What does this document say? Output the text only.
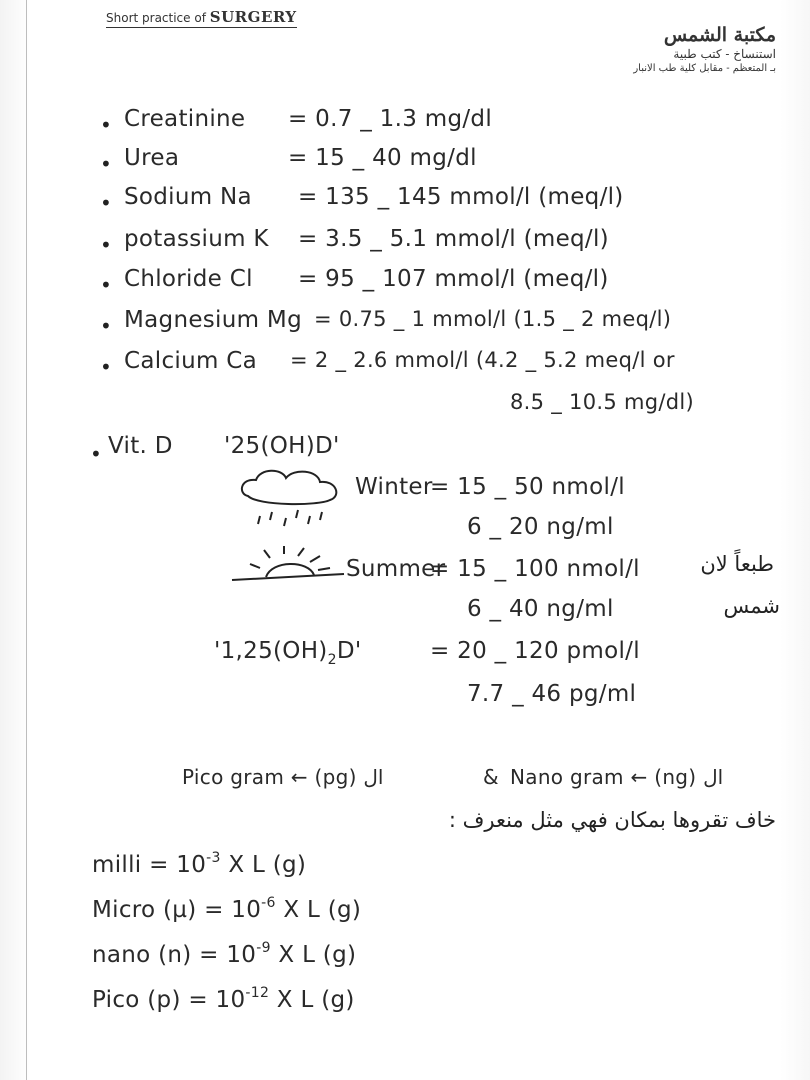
Short practice of SURGERY
مكتبة الشمس
استنساخ - كتب طبية
بـ المتعظم - مقابل كلية طب الانبار
• Creatinine = 0.7 _ 1.3 mg/dl
• Urea	= 15 _ 40 mg/dl
• Sodium Na = 135 _ 145 mmol/l (meq/l)
• potassium K = 3.5 _ 5.1 mmol/l (meq/l)
• Chloride Cl = 95 _ 107 mmol/l (meq/l)
• Magnesium Mg = 0.75 _ 1 mmol/l (1.5 _ 2 meq/l)
• Calcium Ca = 2 _ 2.6 mmol/l (4.2 _ 5.2 meq/l or
8.5 _ 10.5 mg/dl)
• Vit. D '25(OH)D'
Winter
= 15 _ 50 nmol/l
6 _ 20 ng/ml
Summer
= 15 _ 100 nmol/l
6 _ 40 ng/ml
طبعاً لان
شمس
'$1,25(OH)_2D$'	= 20 _ 120 pmol/l
7.7 _ 46 pg/ml
Pico gram ← (pg) ال	& Nano gram ← (ng) ال
خاف تقروها بمكان فهي مثل منعرف :
milli = $10^{-3}$ X L (g)
Micro $(\mu) = 10^{-6}$ X L (g)
nano $(n) = 10^{-9}$ X L (g)
Pico $(p) = 10^{-12}$ X L (g)
